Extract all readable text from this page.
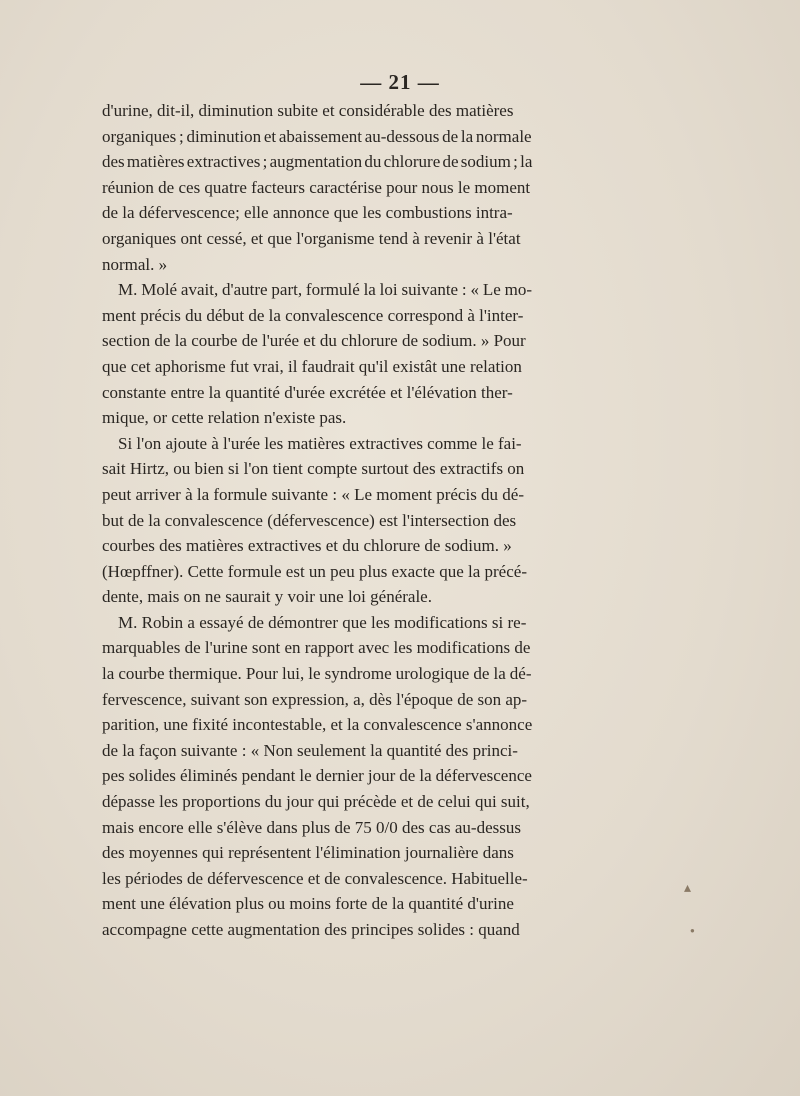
— 21 —

d'urine, dit-il, diminution subite et considérable des matières
organiques ; diminution et abaissement au-dessous de la normale
des matières extractives ; augmentation du chlorure de sodium ; la
réunion de ces quatre facteurs caractérise pour nous le moment
de la défervescence; elle annonce que les combustions intra-
organiques ont cessé, et que l'organisme tend à revenir à l'état
normal. »

M. Molé avait, d'autre part, formulé la loi suivante : « Le mo-
ment précis du début de la convalescence correspond à l'inter-
section de la courbe de l'urée et du chlorure de sodium. » Pour
que cet aphorisme fut vrai, il faudrait qu'il existât une relation
constante entre la quantité d'urée excrétée et l'élévation ther-
mique, or cette relation n'existe pas.

Si l'on ajoute à l'urée les matières extractives comme le fai-
sait Hirtz, ou bien si l'on tient compte surtout des extractifs on
peut arriver à la formule suivante : « Le moment précis du dé-
but de la convalescence (défervescence) est l'intersection des
courbes des matières extractives et du chlorure de sodium. »
(Hœpffner). Cette formule est un peu plus exacte que la précé-
dente, mais on ne saurait y voir une loi générale.

M. Robin a essayé de démontrer que les modifications si re-
marquables de l'urine sont en rapport avec les modifications de
la courbe thermique. Pour lui, le syndrome urologique de la dé-
fervescence, suivant son expression, a, dès l'époque de son ap-
parition, une fixité incontestable, et la convalescence s'annonce
de la façon suivante : « Non seulement la quantité des princi-
pes solides éliminés pendant le dernier jour de la défervescence
dépasse les proportions du jour qui précède et de celui qui suit,
mais encore elle s'élève dans plus de 75 0/0 des cas au-dessus
des moyennes qui représentent l'élimination journalière dans
les périodes de défervescence et de convalescence. Habituelle-
ment une élévation plus ou moins forte de la quantité d'urine
accompagne cette augmentation des principes solides : quand

▴
●
